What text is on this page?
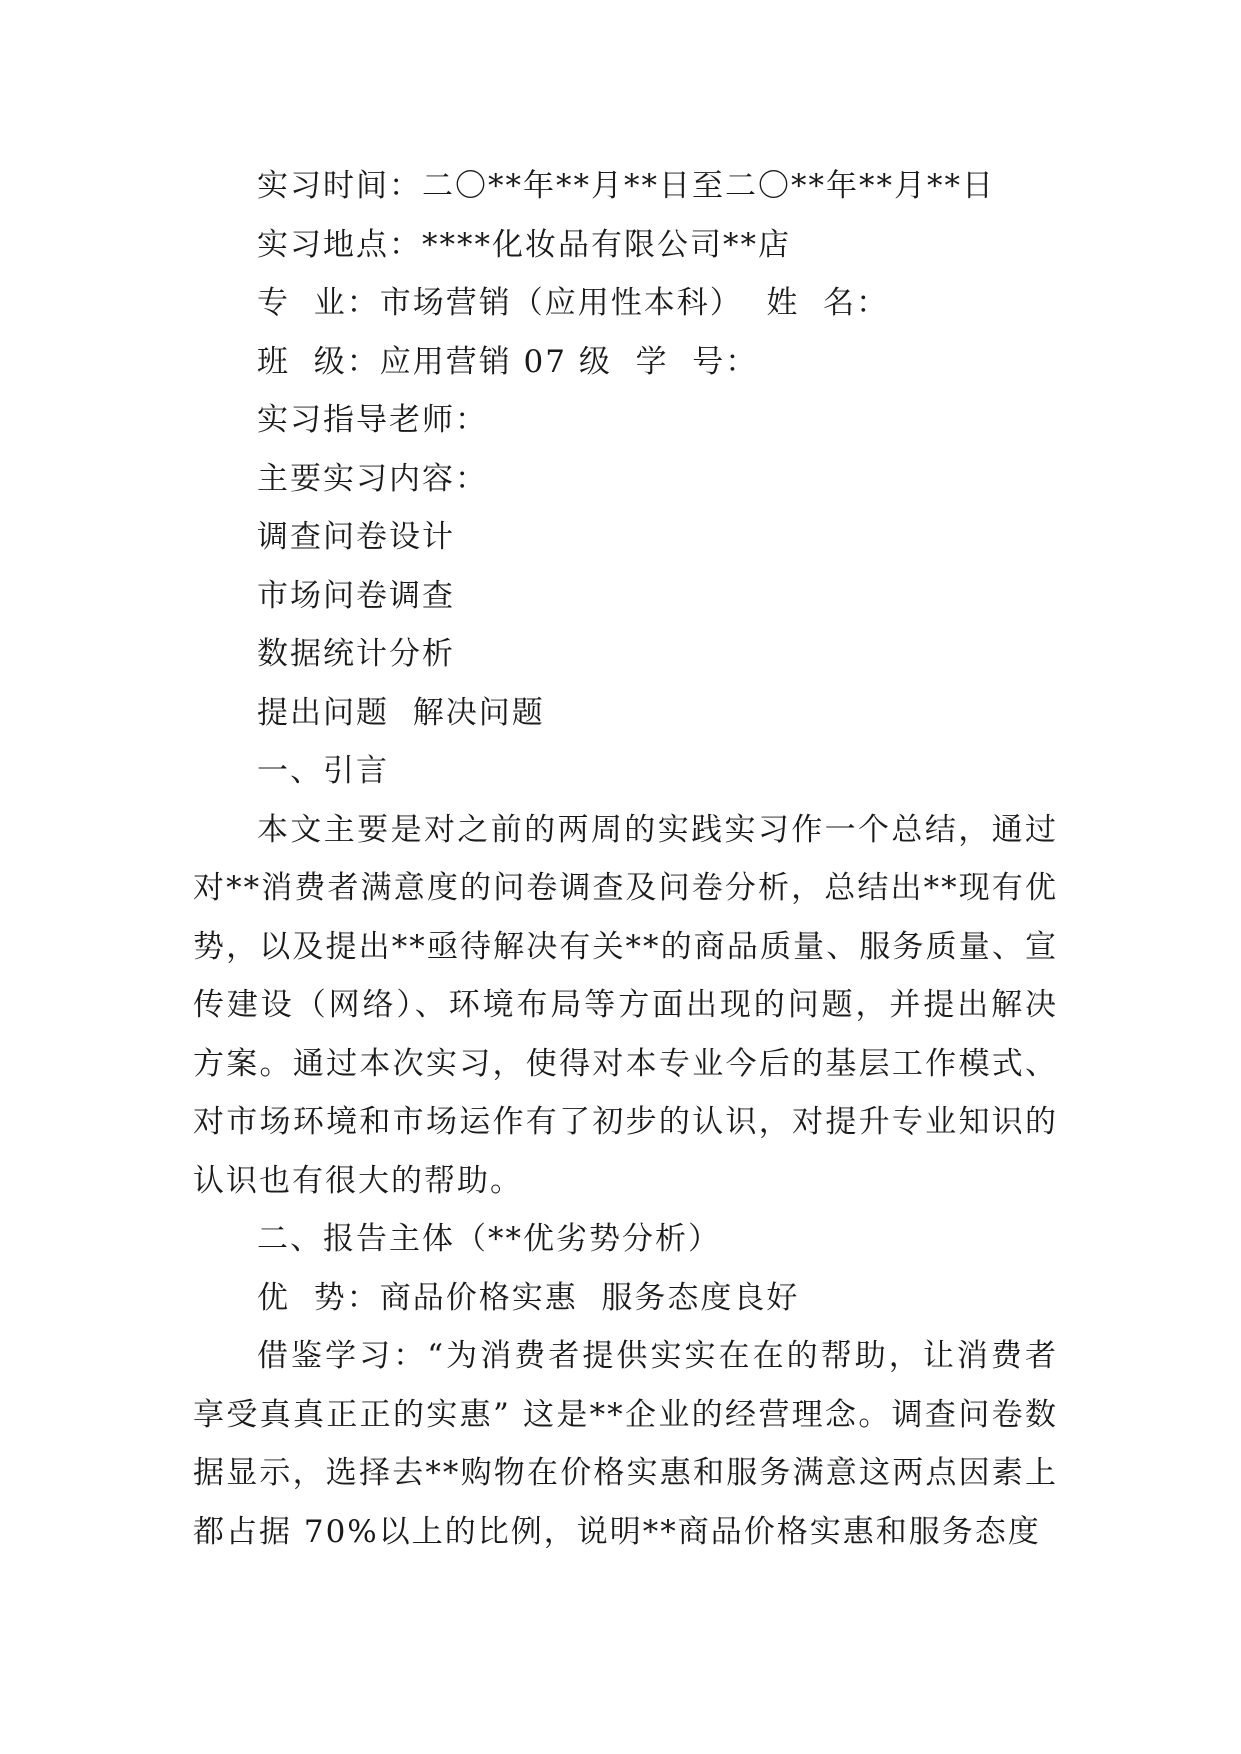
实习时间：二〇**年**月**日至二〇**年**月**日
实习地点：****化妆品有限公司**店
专  业：市场营销（应用性本科）  姓  名：
班  级：应用营销 07 级  学  号：
实习指导老师：
主要实习内容：
调查问卷设计
市场问卷调查
数据统计分析
提出问题  解决问题
一、引言
本文主要是对之前的两周的实践实习作一个总结，通过对**消费者满意度的问卷调查及问卷分析，总结出**现有优势，以及提出**亟待解决有关**的商品质量、服务质量、宣传建设（网络）、环境布局等方面出现的问题，并提出解决方案。通过本次实习，使得对本专业今后的基层工作模式、对市场环境和市场运作有了初步的认识，对提升专业知识的认识也有很大的帮助。
二、报告主体（**优劣势分析）
优  势：商品价格实惠  服务态度良好
借鉴学习：“为消费者提供实实在在的帮助，让消费者享受真真正正的实惠” 这是**企业的经营理念。调查问卷数据显示，选择去**购物在价格实惠和服务满意这两点因素上都占据 70%以上的比例，说明**商品价格实惠和服务态度
